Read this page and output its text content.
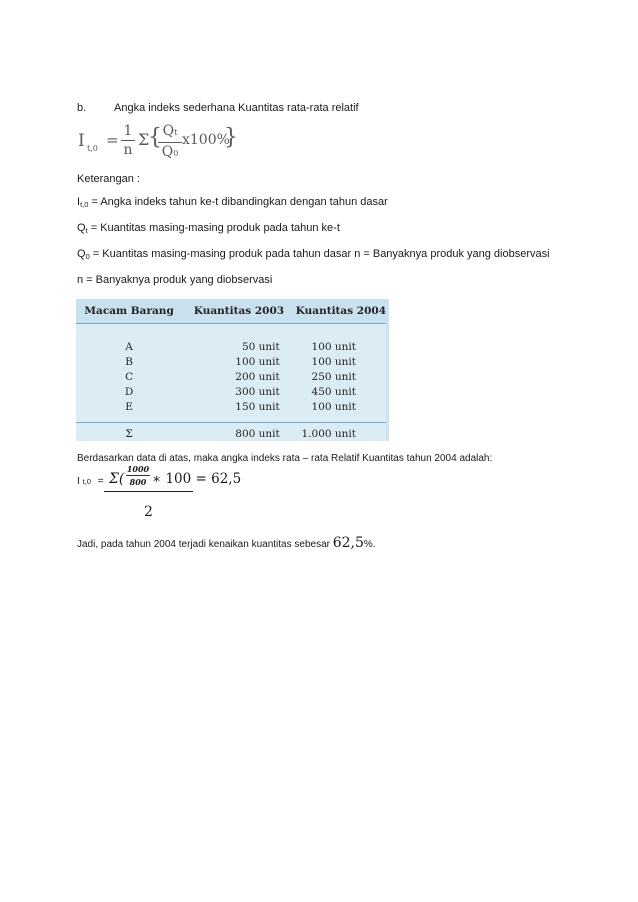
b.	Angka indeks sederhana Kuantitas rata-rata relatif
I t,0 = 1
n
Σ
{ Qt
Q0
x100%
}
Keterangan :
$I_{t,0}$ = Angka indeks tahun ke-t dibandingkan dengan tahun dasar
$Q_t$ = Kuantitas masing-masing produk pada tahun ke-t
$Q_0$ = Kuantitas masing-masing produk pada tahun dasar n = Banyaknya produk yang diobservasi
n = Banyaknya produk yang diobservasi
Macam Barang	Kuantitas 2003	Kuantitas 2004

A	50 unit	100 unit
B	100 unit	100 unit
C	200 unit	250 unit
D	300 unit	450 unit
E	150 unit	100 unit

Σ	800 unit	1.000 unit
Berdasarkan data di atas, maka angka indeks rata – rata Relatif Kuantitas tahun 2004 adalah:
I t,0 = Σ(
1000
800 ∗ 100 = 62,5
2
Jadi, pada tahun 2004 terjadi kenaikan kuantitas sebesar 62,5%.
